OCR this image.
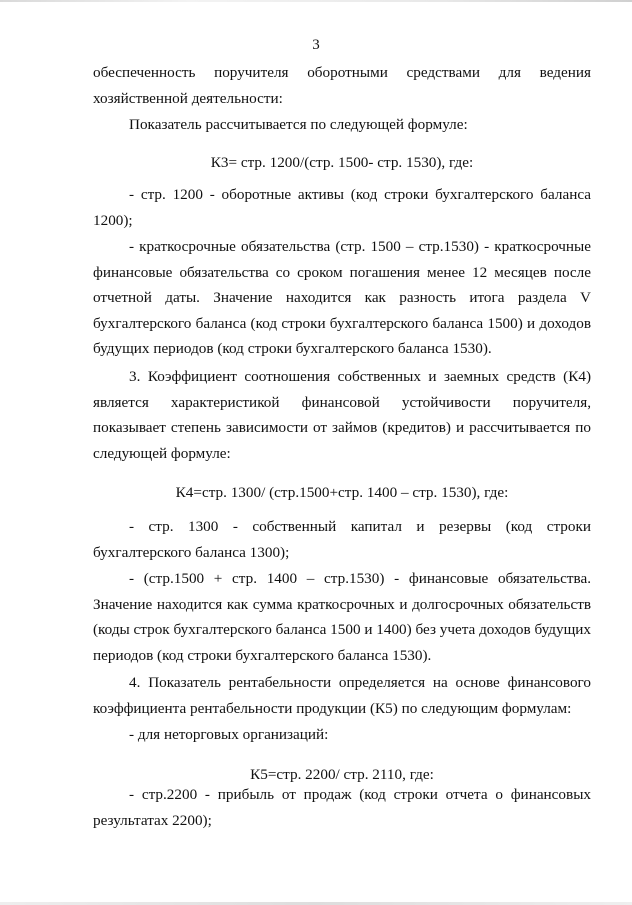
3

обеспеченность поручителя оборотными средствами для ведения хозяйственной деятельности:

Показатель рассчитывается по следующей формуле:

К3= стр. 1200/(стр. 1500- стр. 1530), где:

- стр. 1200 - оборотные активы (код строки бухгалтерского баланса 1200);

- краткосрочные обязательства (стр. 1500 – стр.1530) - краткосрочные финансовые обязательства со сроком погашения менее 12 месяцев после отчетной даты. Значение находится как разность итога раздела V бухгалтерского баланса (код строки бухгалтерского баланса 1500) и доходов будущих периодов (код строки бухгалтерского баланса 1530).

3. Коэффициент соотношения собственных и заемных средств (К4) является характеристикой финансовой устойчивости поручителя, показывает степень зависимости от займов (кредитов) и рассчитывается по следующей формуле:

К4=стр. 1300/ (стр.1500+стр. 1400 – стр. 1530), где:

- стр. 1300 - собственный капитал и резервы (код строки бухгалтерского баланса 1300);

- (стр.1500 + стр. 1400 – стр.1530) - финансовые обязательства. Значение находится как сумма краткосрочных и долгосрочных обязательств (коды строк бухгалтерского баланса 1500 и 1400) без учета доходов будущих периодов (код строки бухгалтерского баланса 1530).

4. Показатель рентабельности определяется на основе финансового коэффициента рентабельности продукции (К5) по следующим формулам:

- для неторговых организаций:

К5=стр. 2200/ стр. 2110, где:

- стр.2200 - прибыль от продаж (код строки отчета о финансовых результатах 2200);
